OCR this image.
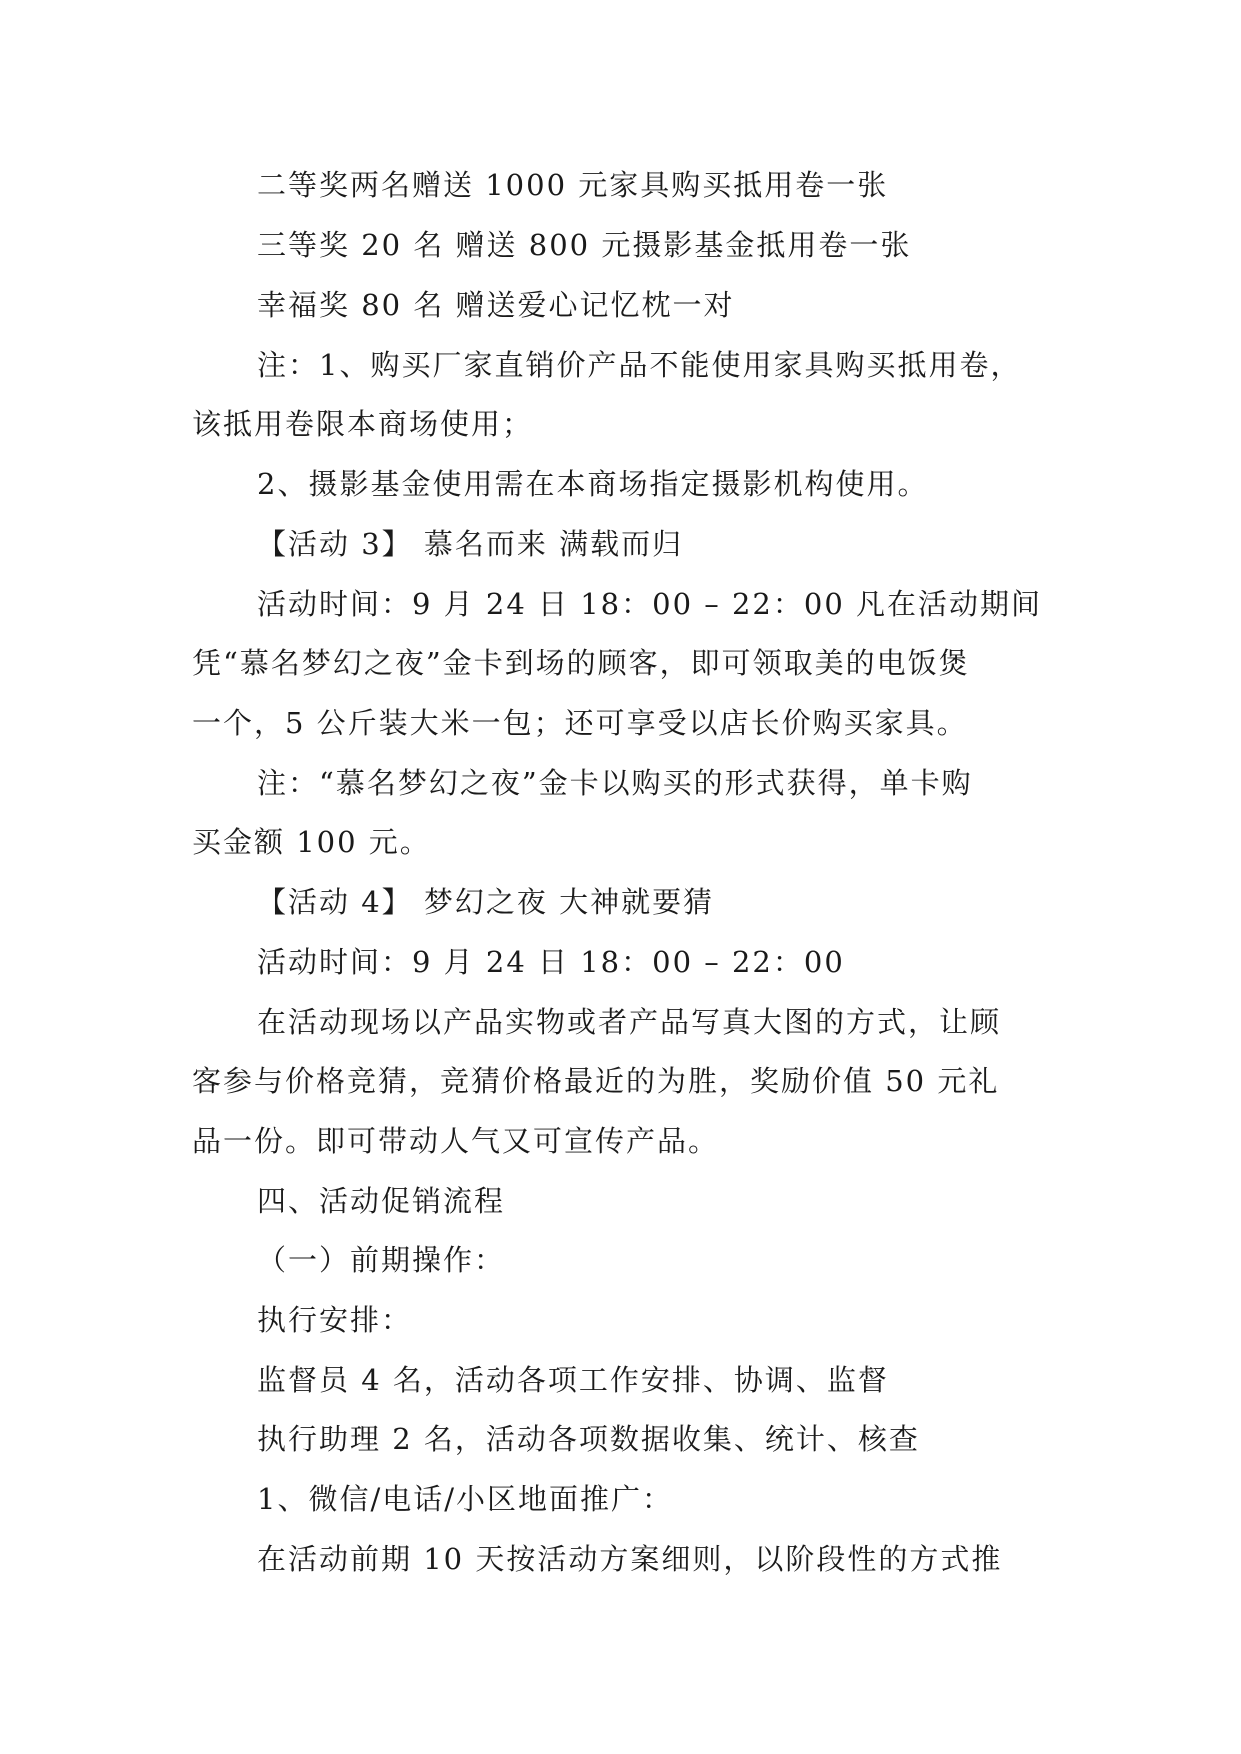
二等奖两名赠送 1000 元家具购买抵用卷一张
三等奖 20 名 赠送 800 元摄影基金抵用卷一张
幸福奖 80 名 赠送爱心记忆枕一对
注：1、购买厂家直销价产品不能使用家具购买抵用卷，
该抵用卷限本商场使用；
2、摄影基金使用需在本商场指定摄影机构使用。
【活动 3】 慕名而来 满载而归
活动时间：9 月 24 日 18：00 – 22：00 凡在活动期间
凭“慕名梦幻之夜”金卡到场的顾客，即可领取美的电饭煲
一个，5 公斤装大米一包；还可享受以店长价购买家具。
注：“慕名梦幻之夜”金卡以购买的形式获得，单卡购
买金额 100 元。
【活动 4】 梦幻之夜 大神就要猜
活动时间：9 月 24 日 18：00 – 22：00
在活动现场以产品实物或者产品写真大图的方式，让顾
客参与价格竞猜，竞猜价格最近的为胜，奖励价值 50 元礼
品一份。即可带动人气又可宣传产品。
四、活动促销流程
（一）前期操作：
执行安排：
监督员 4 名，活动各项工作安排、协调、监督
执行助理 2 名，活动各项数据收集、统计、核查
1、微信/电话/小区地面推广：
在活动前期 10 天按活动方案细则，以阶段性的方式推
